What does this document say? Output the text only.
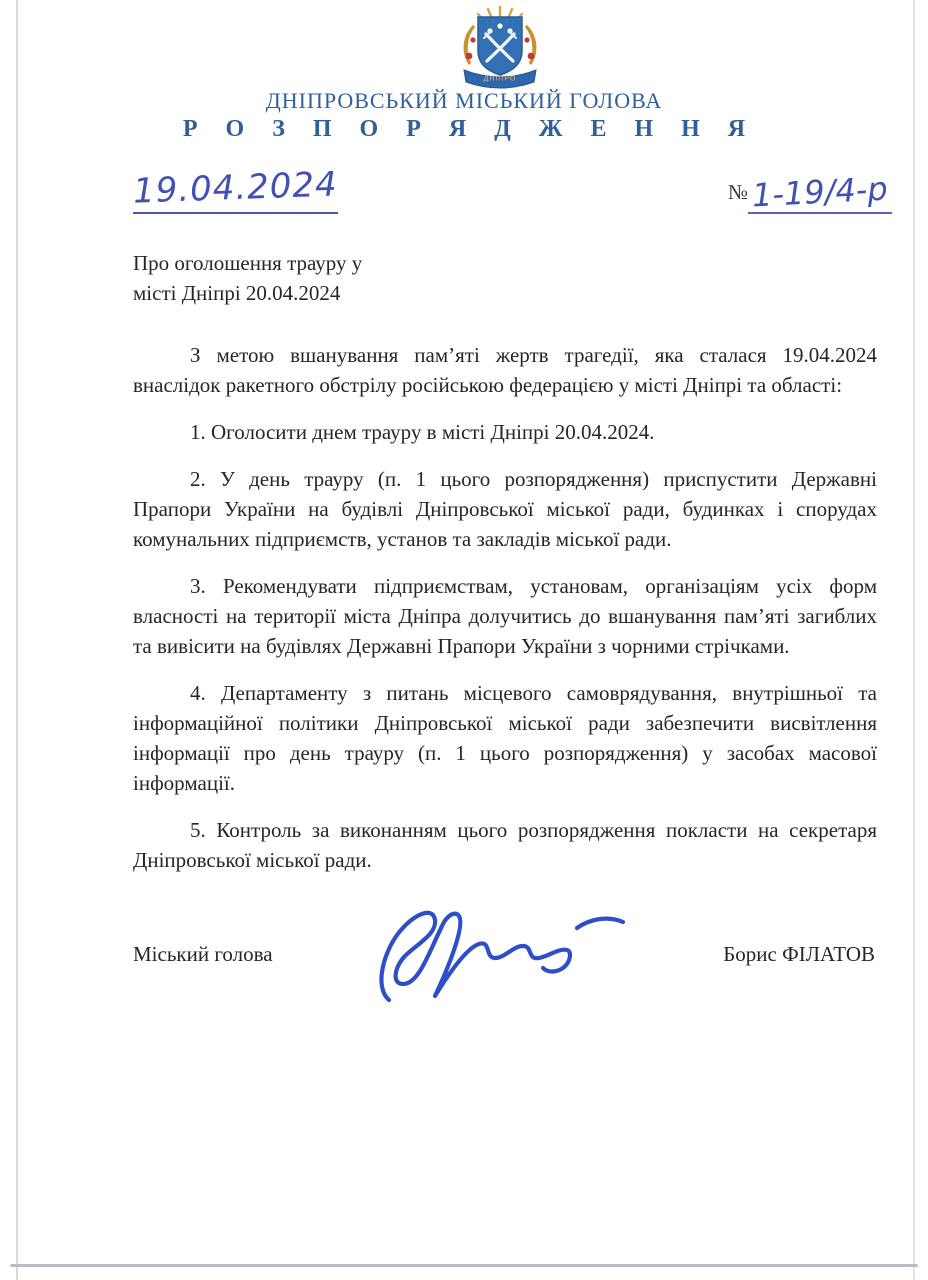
ДНІПРО
ДНІПРОВСЬКИЙ МІСЬКИЙ ГОЛОВА
Р О З П О Р Я Д Ж Е Н Н Я
19.04.2024	№ 1-19/4-р
Про оголошення трауру у
місті Дніпрі 20.04.2024

З метою вшанування пам’яті жертв трагедії, яка сталася 19.04.2024 внаслідок ракетного обстрілу російською федерацією у місті Дніпрі та області:

1. Оголосити днем трауру в місті Дніпрі 20.04.2024.

2. У день трауру (п. 1 цього розпорядження) приспустити Державні Прапори України на будівлі Дніпровської міської ради, будинках і спорудах комунальних підприємств, установ та закладів міської ради.

3. Рекомендувати підприємствам, установам, організаціям усіх форм власності на території міста Дніпра долучитись до вшанування пам’яті загиблих та вивісити на будівлях Державні Прапори України з чорними стрічками.

4. Департаменту з питань місцевого самоврядування, внутрішньої та інформаційної політики Дніпровської міської ради забезпечити висвітлення інформації про день трауру (п. 1 цього розпорядження) у засобах масової інформації.

5. Контроль за виконанням цього розпорядження покласти на секретаря Дніпровської міської ради.

Міський голова	Борис ФІЛАТОВ
